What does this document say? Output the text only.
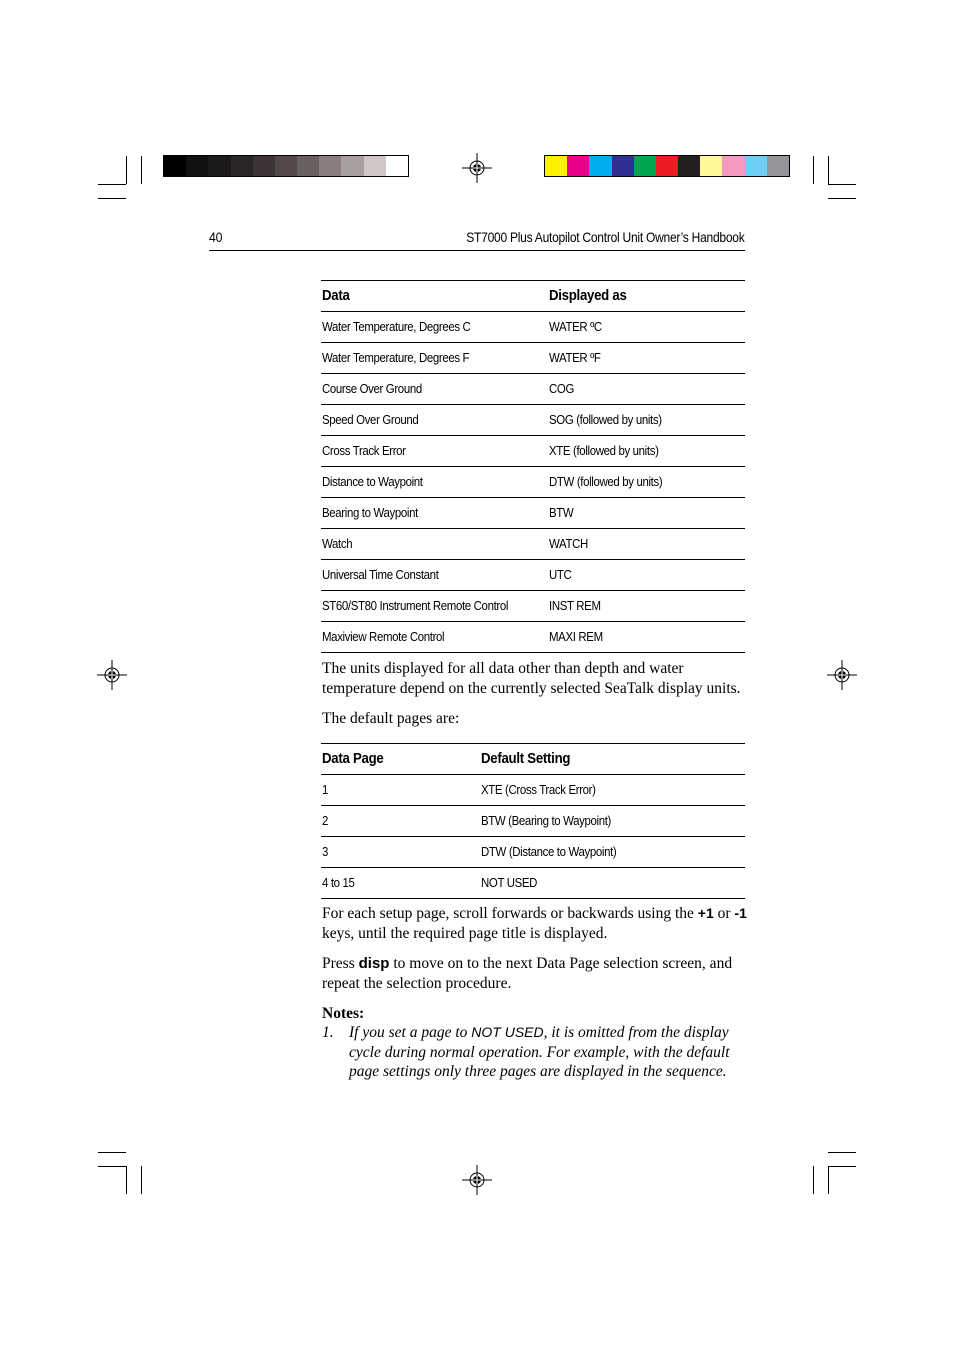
40	ST7000 Plus Autopilot Control Unit Owner’s Handbook
Data	Displayed as
Water Temperature, Degrees C	WATER ºC
Water Temperature, Degrees F	WATER ºF
Course Over Ground	COG
Speed Over Ground	SOG (followed by units)
Cross Track Error	XTE (followed by units)
Distance to Waypoint	DTW (followed by units)
Bearing to Waypoint	BTW
Watch	WATCH
Universal Time Constant	UTC
ST60/ST80 Instrument Remote Control	INST REM
Maxiview Remote Control	MAXI REM
The units displayed for all data other than depth and water temperature depend on the currently selected SeaTalk display units.
The default pages are:
Data Page	Default Setting
1	XTE (Cross Track Error)
2	BTW (Bearing to Waypoint)
3	DTW (Distance to Waypoint)
4 to 15	NOT USED
For each setup page, scroll forwards or backwards using the +1 or -1 keys, until the required page title is displayed.
Press disp to move on to the next Data Page selection screen, and repeat the selection procedure.
Notes:
1. If you set a page to NOT USED, it is omitted from the display cycle during normal operation. For example, with the default page settings only three pages are displayed in the sequence.
